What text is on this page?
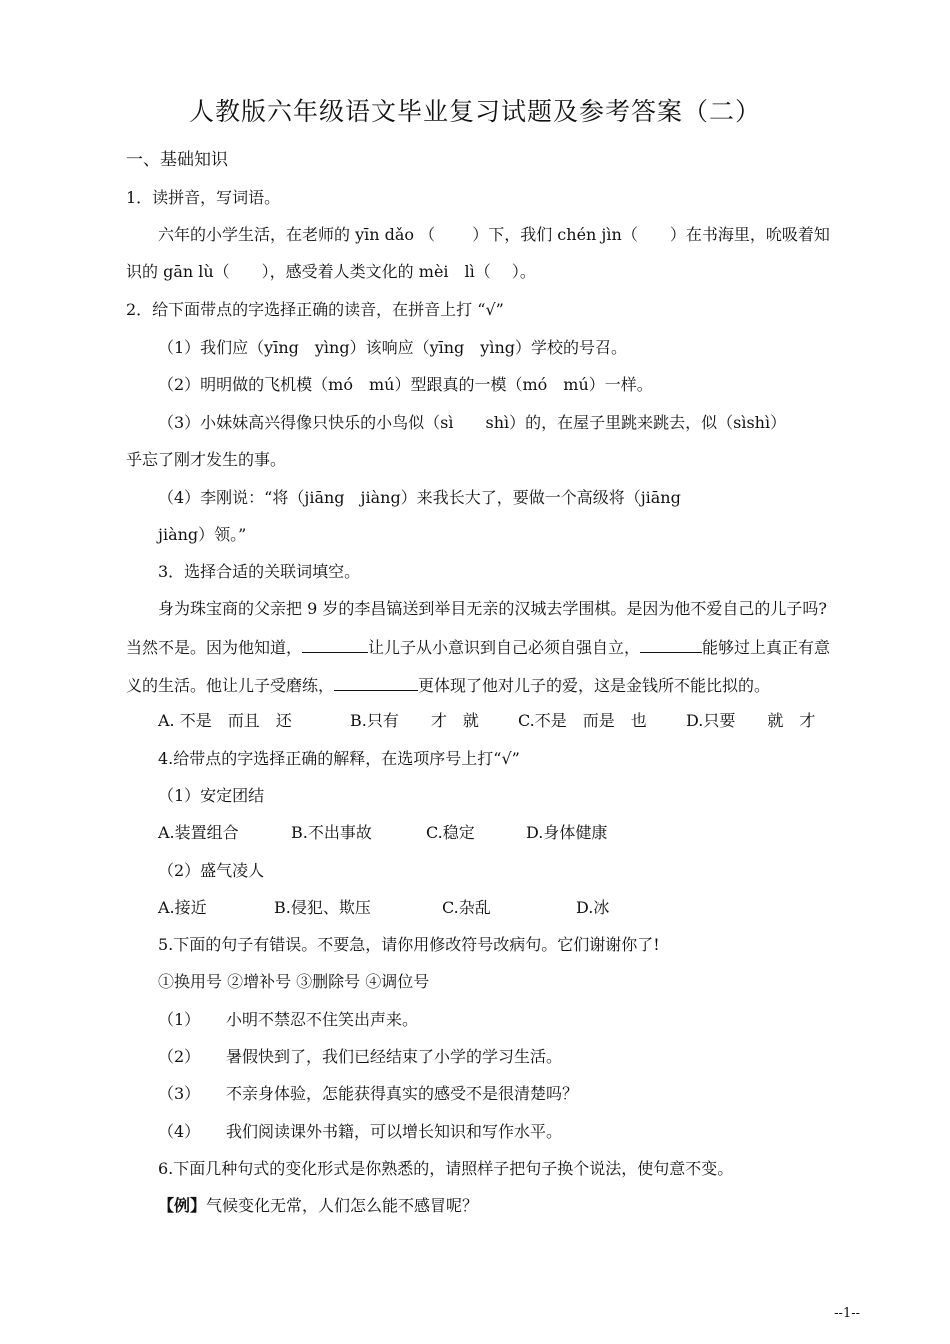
人教版六年级语文毕业复习试题及参考答案（二）
一、基础知识
1．读拼音，写词语。
六年的小学生活，在老师的 yīn dǎo （　　 ）下，我们 chén jìn（　　）在书海里，吮吸着知
识的 gān lù（　　），感受着人类文化的 mèi　lì（　 ）。
2．给下面带点的字选择正确的读音，在拼音上打 “√”
（1）我们应（yīng　yìng）该响应（yīng　yìng）学校的号召。
（2）明明做的飞机模（mó　mú）型跟真的一模（mó　mú）一样。
（3）小妹妹高兴得像只快乐的小鸟似（sì　　shì）的，在屋子里跳来跳去，似（sìshì）
乎忘了刚才发生的事。
（4）李刚说：“将（jiāng　jiàng）来我长大了，要做一个高级将（jiāng
jiàng）领。”
3．选择合适的关联词填空。
身为珠宝商的父亲把 9 岁的李昌镐送到举目无亲的汉城去学围棋。是因为他不爱自己的儿子吗?
当然不是。因为他知道，	让儿子从小意识到自己必须自强自立，	能够过上真正有意
义的生活。他让儿子受磨练，	更体现了他对儿子的爱，这是金钱所不能比拟的。
A. 不是　而且　还	B.只有　　才　就 C.不是　而是　也 D.只要　　就　才
4.给带点的字选择正确的解释，在选项序号上打“√”
（1）安定团结
A.装置组合	B.不出事故	C.稳定	D.身体健康
（2）盛气凌人
A.接近	B.侵犯、欺压	C.杂乱	D.冰
5.下面的句子有错误。不要急，请你用修改符号改病句。它们谢谢你了!
①换用号 ②增补号 ③删除号 ④调位号
（1） 小明不禁忍不住笑出声来。
（2） 暑假快到了，我们已经结束了小学的学习生活。
（3） 不亲身体验，怎能获得真实的感受不是很清楚吗？
（4） 我们阅读课外书籍，可以增长知识和写作水平。
6.下面几种句式的变化形式是你熟悉的，请照样子把句子换个说法，使句意不变。
【例】气候变化无常，人们怎么能不感冒呢？
--1--
